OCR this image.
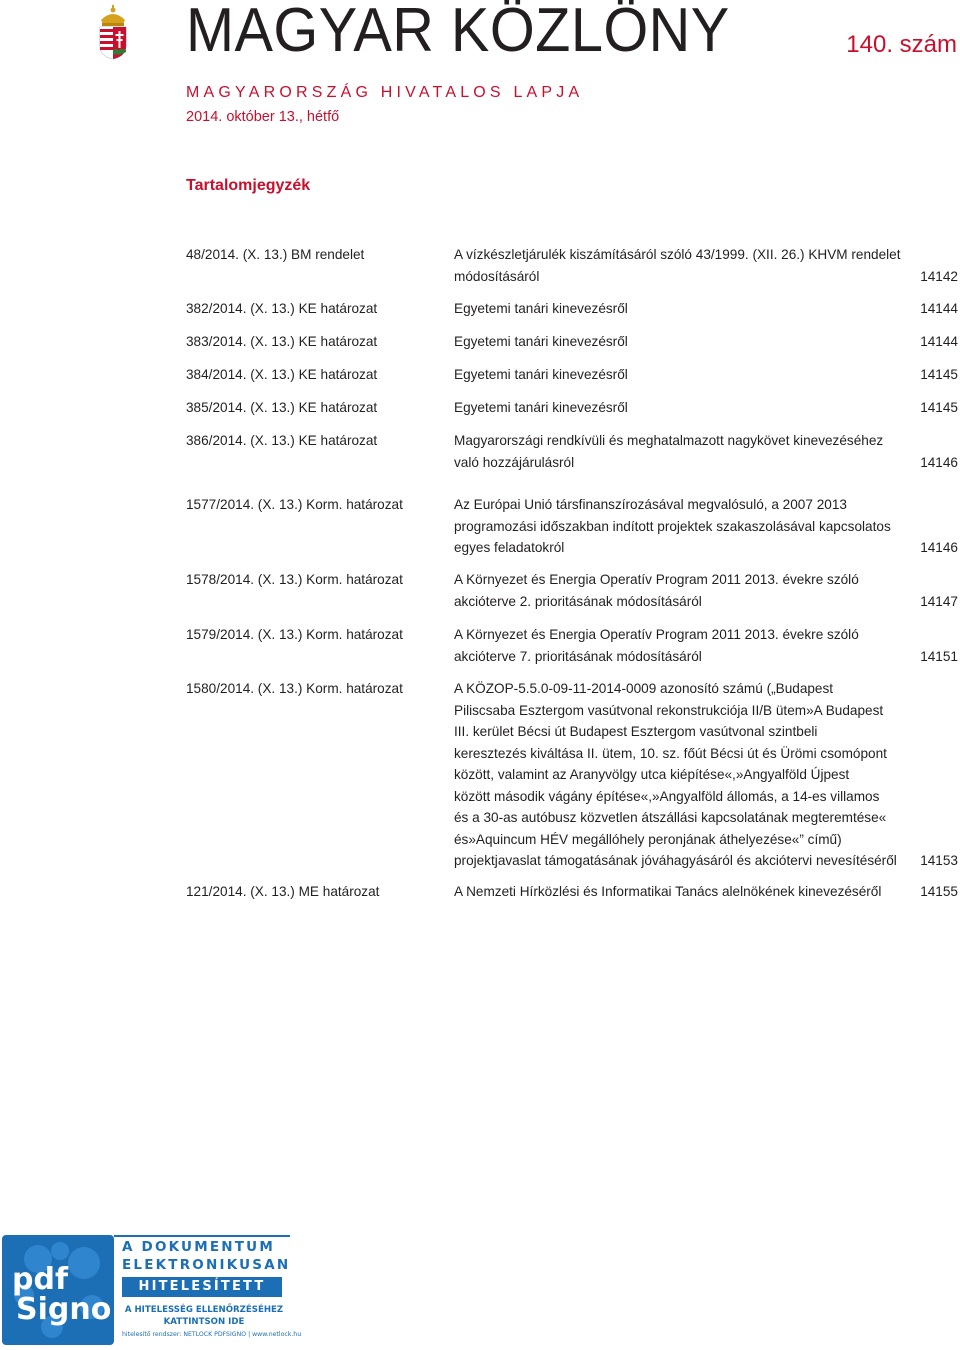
MAGYAR KÖZLÖNY	140. szám
MAGYARORSZÁG HIVATALOS LAPJA
2014. október 13., hétfő
Tartalomjegyzék
48/2014. (X. 13.) BM rendelet	A vízkészletjárulék kiszámításáról szóló 43/1999. (XII. 26.) KHVM rendelet
módosításáról	14142
382/2014. (X. 13.) KE határozat	Egyetemi tanári kinevezésről	14144
383/2014. (X. 13.) KE határozat	Egyetemi tanári kinevezésről	14144
384/2014. (X. 13.) KE határozat	Egyetemi tanári kinevezésről	14145
385/2014. (X. 13.) KE határozat	Egyetemi tanári kinevezésről	14145
386/2014. (X. 13.) KE határozat	Magyarországi rendkívüli és meghatalmazott nagykövet kinevezéséhez
való hozzájárulásról	14146
1577/2014. (X. 13.) Korm. határozat	Az Európai Unió társfinanszírozásával megvalósuló, a 2007 2013
programozási időszakban indított projektek szakaszolásával kapcsolatos
egyes feladatokról	14146
1578/2014. (X. 13.) Korm. határozat	A Környezet és Energia Operatív Program 2011 2013. évekre szóló
akcióterve 2. prioritásának módosításáról	14147
1579/2014. (X. 13.) Korm. határozat	A Környezet és Energia Operatív Program 2011 2013. évekre szóló
akcióterve 7. prioritásának módosításáról	14151
1580/2014. (X. 13.) Korm. határozat	A KÖZOP-5.5.0-09-11-2014-0009 azonosító számú („Budapest
Piliscsaba Esztergom vasútvonal rekonstrukciója II/B ütem»A Budapest
III. kerület Bécsi út Budapest Esztergom vasútvonal szintbeli
keresztezés kiváltása II. ütem, 10. sz. főút Bécsi út és Ürömi csomópont
között, valamint az Aranyvölgy utca kiépítése«,»Angyalföld Újpest
között második vágány építése«,»Angyalföld állomás, a 14-es villamos
és a 30-as autóbusz közvetlen átszállási kapcsolatának megteremtése«
és»Aquincum HÉV megállóhely peronjának áthelyezése«” című)
projektjavaslat támogatásának jóváhagyásáról és akciótervi nevesítéséről 14153
121/2014. (X. 13.) ME határozat	A Nemzeti Hírközlési és Informatikai Tanács alelnökének kinevezéséről	14155
pdf
Signo
A DOKUMENTUM
ELEKTRONIKUSAN
HITELESÍTETT
A HITELESSÉG ELLENŐRZÉSÉHEZ
KATTINTSON IDE
hitelesítő rendszer: NETLOCK PDFSIGNO | www.netlock.hu
